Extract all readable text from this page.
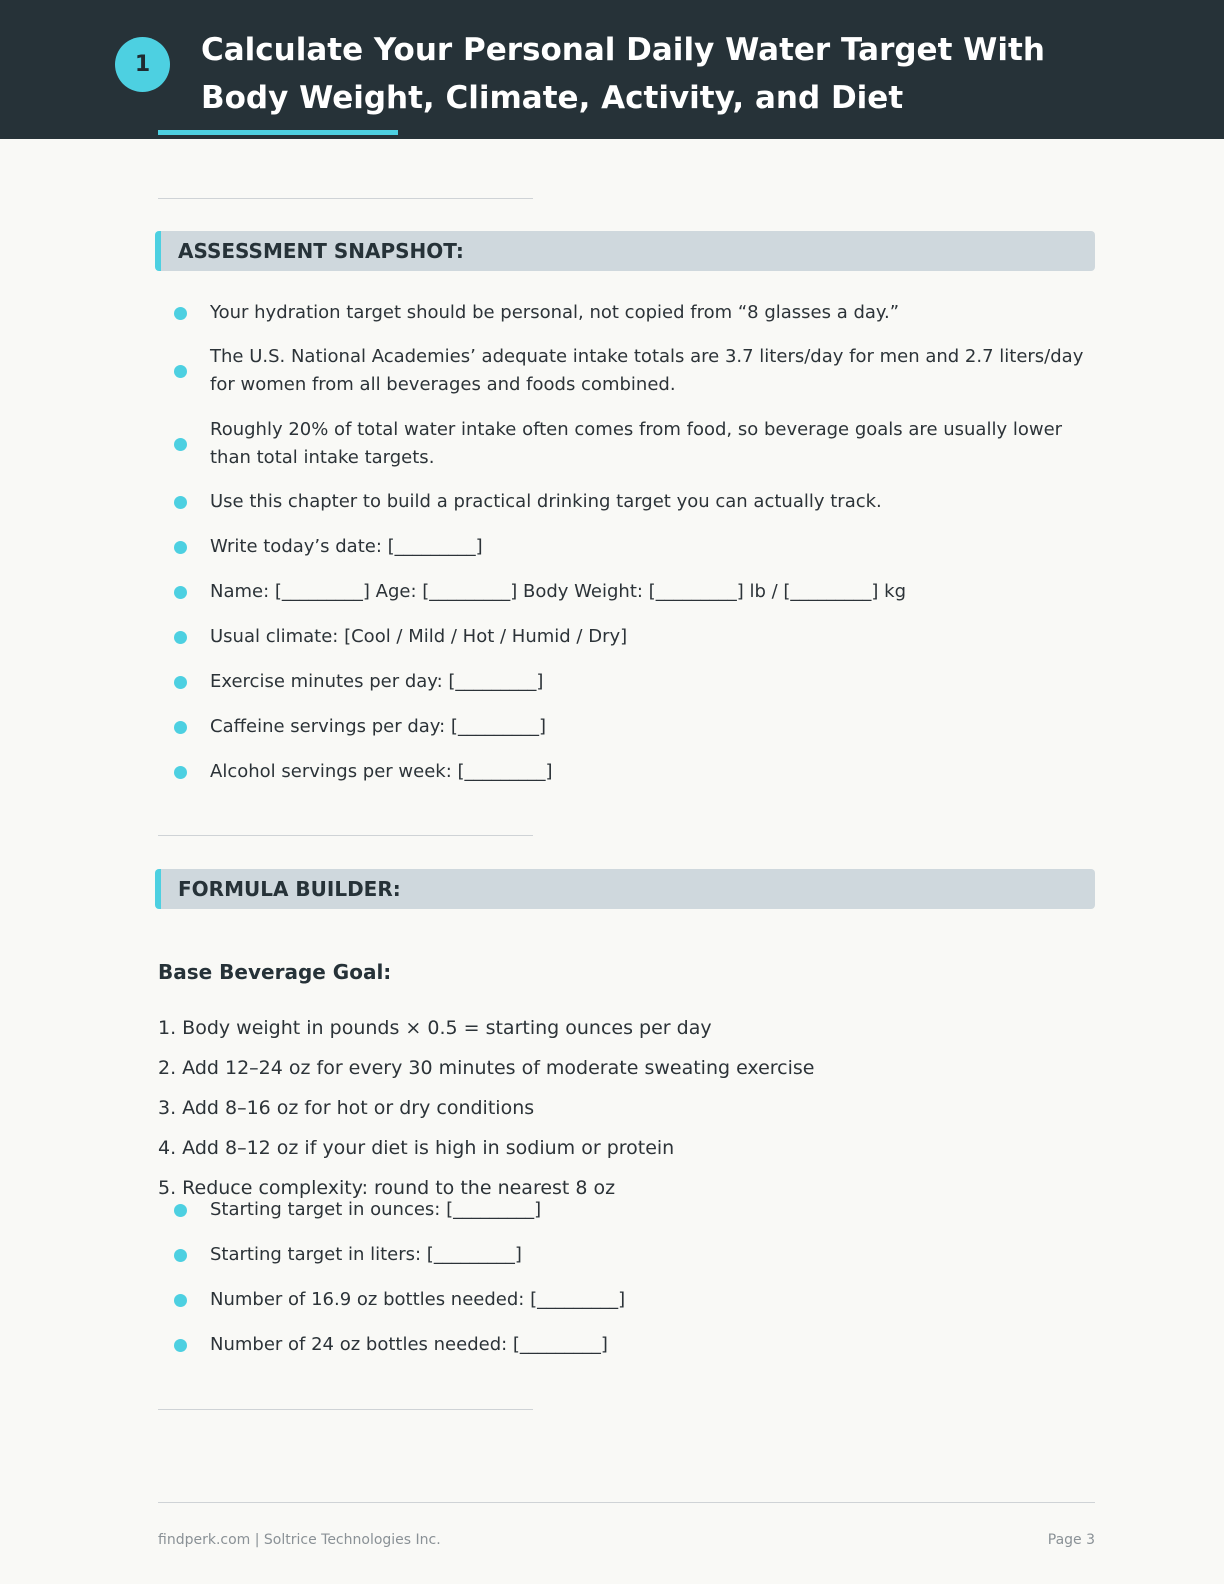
1	Calculate Your Personal Daily Water Target With Body Weight, Climate, Activity, and Diet
ASSESSMENT SNAPSHOT:
Your hydration target should be personal, not copied from “8 glasses a day.”
The U.S. National Academies’ adequate intake totals are 3.7 liters/day for men and 2.7 liters/day for women from all beverages and foods combined.
Roughly 20% of total water intake often comes from food, so beverage goals are usually lower than total intake targets.
Use this chapter to build a practical drinking target you can actually track.
Write today’s date: [_________]
Name: [_________] Age: [_________] Body Weight: [_________] lb / [_________] kg
Usual climate: [Cool / Mild / Hot / Humid / Dry]
Exercise minutes per day: [_________]
Caffeine servings per day: [_________]
Alcohol servings per week: [_________]
FORMULA BUILDER:
Base Beverage Goal:
1. Body weight in pounds × 0.5 = starting ounces per day
2. Add 12–24 oz for every 30 minutes of moderate sweating exercise
3. Add 8–16 oz for hot or dry conditions
4. Add 8–12 oz if your diet is high in sodium or protein
5. Reduce complexity: round to the nearest 8 oz
Starting target in ounces: [_________]
Starting target in liters: [_________]
Number of 16.9 oz bottles needed: [_________]
Number of 24 oz bottles needed: [_________]
findperk.com | Soltrice Technologies Inc.	Page 3
